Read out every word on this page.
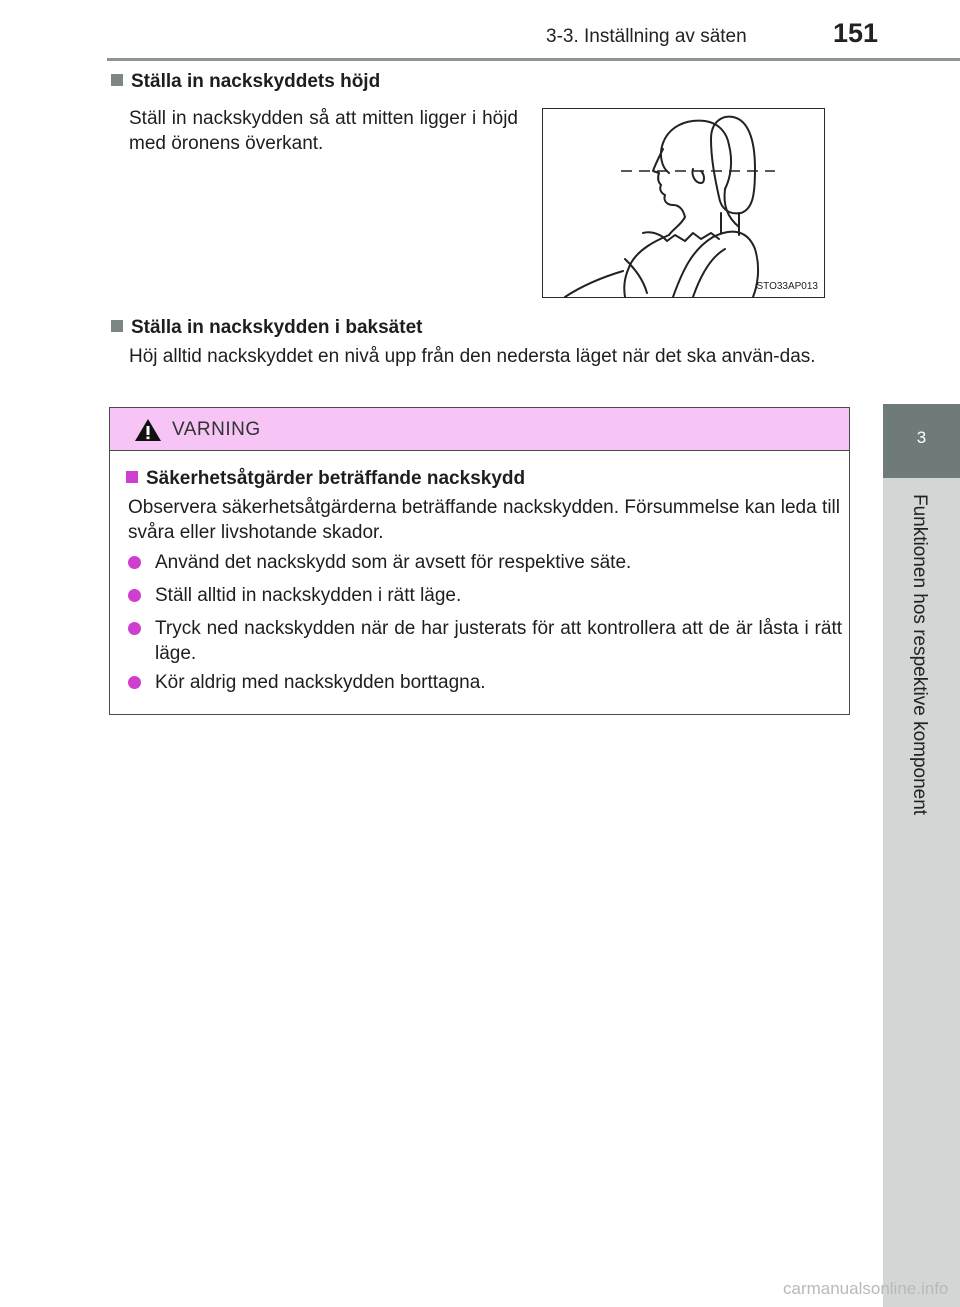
3-3. Inställning av säten	151
3
Funktionen hos respektive komponent
Ställa in nackskyddets höjd
Ställ in nackskydden så att mitten ligger i höjd med öronens överkant.
STO33AP013
Ställa in nackskydden i baksätet
Höj alltid nackskyddet en nivå upp från den nedersta läget när det ska använ-das.
VARNING
Säkerhetsåtgärder beträffande nackskydd
Observera säkerhetsåtgärderna beträffande nackskydden. Försummelse kan leda till svåra eller livshotande skador.
Använd det nackskydd som är avsett för respektive säte.
Ställ alltid in nackskydden i rätt läge.
Tryck ned nackskydden när de har justerats för att kontrollera att de är låsta i rätt läge.
Kör aldrig med nackskydden borttagna.
carmanualsonline.info
